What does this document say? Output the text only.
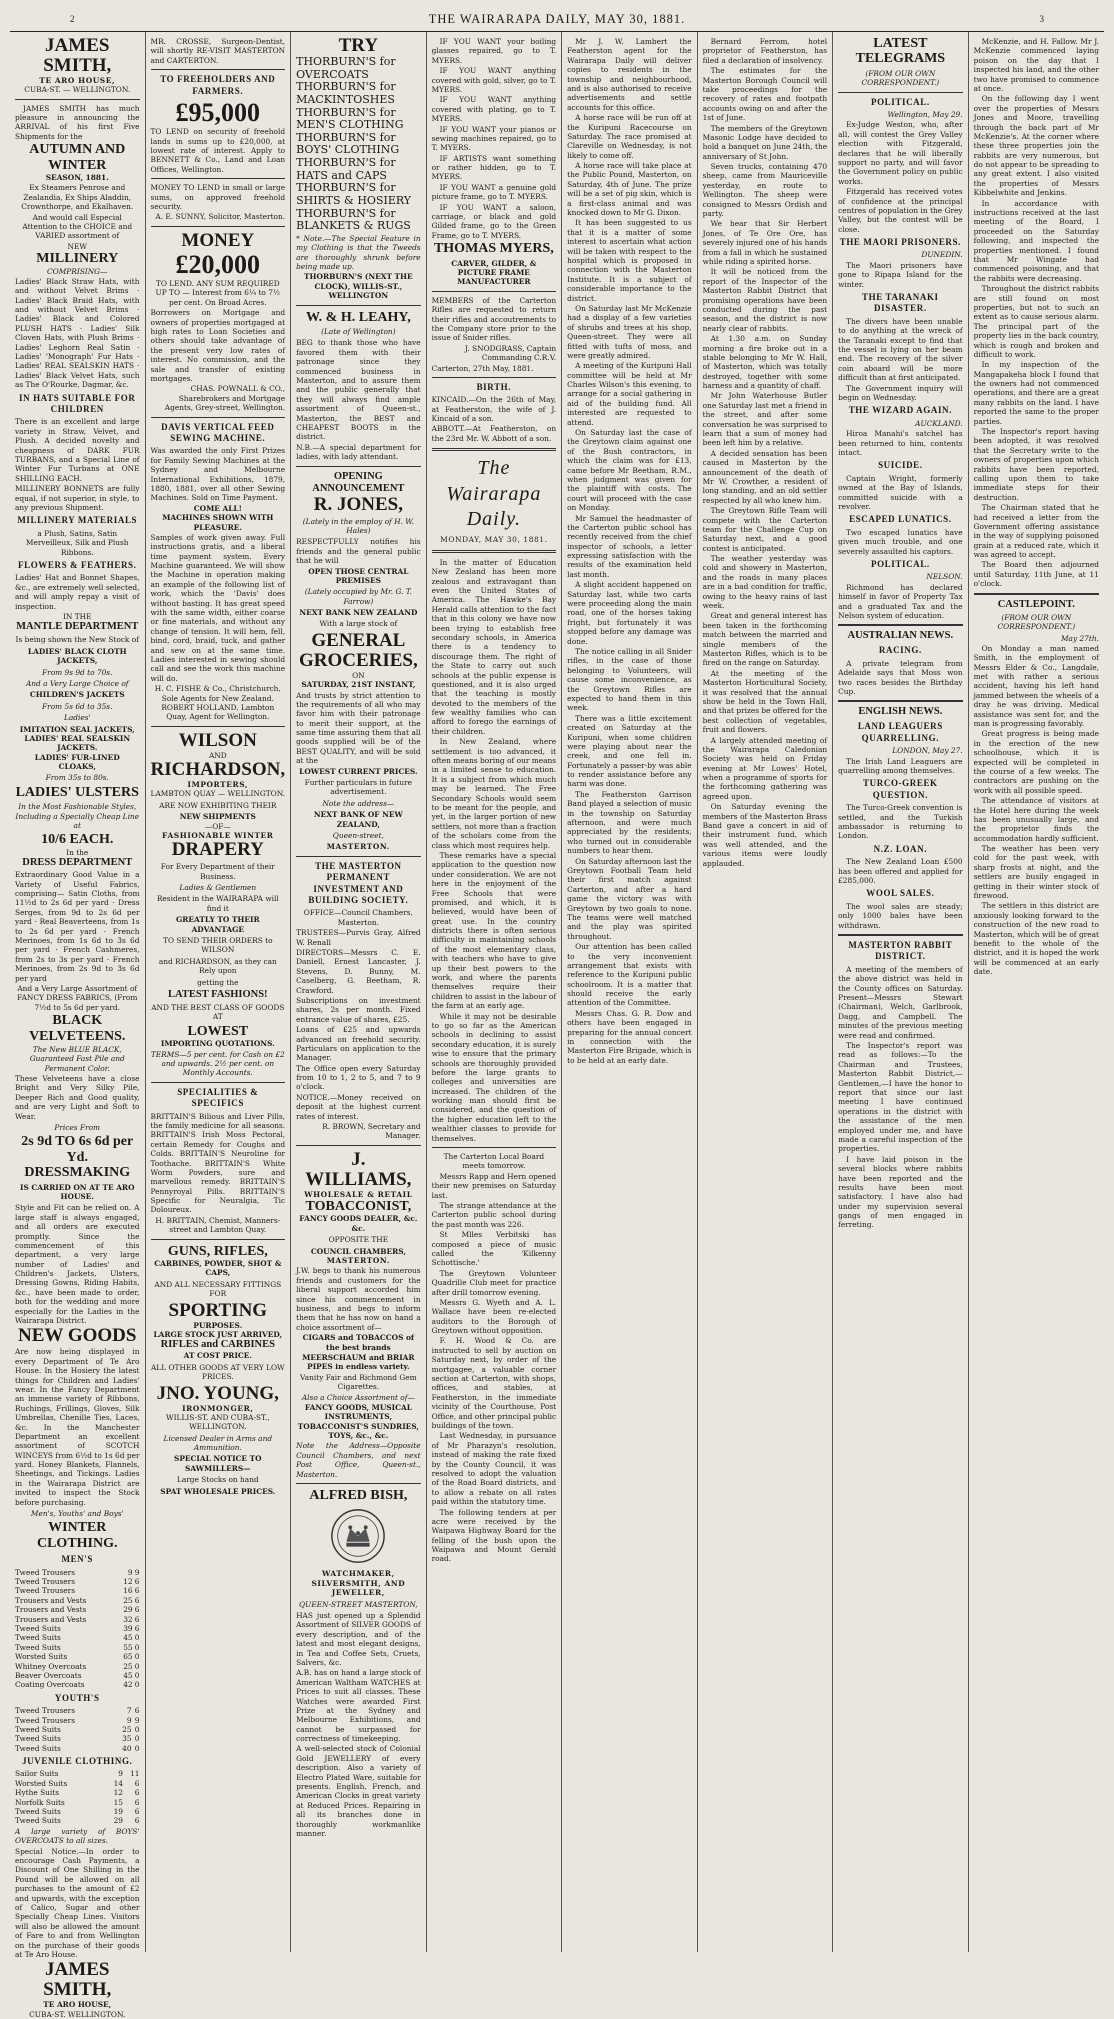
2	THE WAIRARAPA DAILY, MAY 30, 1881.	3
JAMES SMITH,
TE ARO HOUSE,
CUBA-ST. — WELLINGTON.

JAMES SMITH has much pleasure in announcing the ARRIVAL of his first Five Shipments for the

AUTUMN AND WINTER
SEASON, 1881.

Ex Steamers Penrose and Zealandia, Ex Ships Aladdin, Crownthorpe, and Ekalhaven.

And would call Especial Attention to the CHOICE and VARIED assortment of

NEW
MILLINERY
COMPRISING—

Ladies' Black Straw Hats, with and without Velvet Brims · Ladies' Black Braid Hats, with and without Velvet Brims · Ladies' Black and Colored PLUSH HATS · Ladies' Silk Cloven Hats, with Plush Brims · Ladies' Leghorn Real Satin · Ladies' 'Monograph' Fur Hats · Ladies' REAL SEALSKIN HATS · Ladies' Black Velvet Hats, such as The O'Rourke, Dagmar, &c.

IN HATS SUITABLE FOR CHILDREN

There is an excellent and large variety in Straw, Velvet, and Plush. A decided novelty and cheapness of DARK FUR TURBANS, and a Special Line of Winter Fur Turbans at ONE SHILLING EACH.

MILLINERY BONNETS are fully equal, if not superior, in style, to any previous Shipment.

MILLINERY MATERIALS

a Plush, Satins, Satin Merveilleux, Silk and Plush Ribbons.

FLOWERS & FEATHERS.

Ladies' Hat and Bonnet Shapes, &c., are extremely well selected, and will amply repay a visit of inspection.

IN THE
MANTLE DEPARTMENT
Is being shown the New Stock of
LADIES' BLACK CLOTH JACKETS,
From 9s 9d to 70s.
And a Very Large Choice of
CHILDREN'S JACKETS
From 5s 6d to 35s.
Ladies'
IMITATION SEAL JACKETS,
LADIES' REAL SEALSKIN JACKETS.
LADIES' FUR-LINED CLOAKS,
From 35s to 80s.
LADIES' ULSTERS
In the Most Fashionable Styles, Including a Specially Cheap Line at
10/6 EACH.
In the
DRESS DEPARTMENT

Extraordinary Good Value in a Variety of Useful Fabrics, comprising— Satin Cloths, from 11½d to 2s 6d per yard · Dress Serges, from 9d to 2s 6d per yard · Real Beaverteens, from 1s to 2s 6d per yard · French Merinoes, from 1s 6d to 3s 6d per yard · French Cashmeres, from 2s to 3s per yard · French Merinoes, from 2s 9d to 3s 6d per yard

And a Very Large Assortment of FANCY DRESS FABRICS, (From 7½d to 5s 6d per yard.

BLACK
VELVETEENS.

The New BLUE BLACK, Guaranteed Fast Pile and Permanent Color.

These Velveteens have a close Bright and Very Silky Pile, Deeper Rich and Good quality, and are very Light and Soft to Wear.

Prices From
2s 9d TO 6s 6d per Yd.
DRESSMAKING
IS CARRIED ON AT TE ARO HOUSE.

Style and Fit can be relied on. A large staff is always engaged, and all orders are executed promptly. Since the commencement of this department, a very large number of Ladies' and Children's Jackets, Ulsters, Dressing Gowns, Riding Habits, &c., have been made to order, both for the wedding and more especially for the Ladies in the Wairarapa District.

NEW GOODS

Are now being displayed in every Department of Te Aro House. In the Hosiery the latest things for Children and Ladies' wear. In the Fancy Department an immense variety of Ribbons, Ruchings, Frillings, Gloves, Silk Umbrellas, Chenille Ties, Laces, &c. In the Manchester Department an excellent assortment of SCOTCH WINCEYS from 6½d to 1s 6d per yard. Honey Blankets, Flannels, Sheetings, and Tickings. Ladies in the Wairarapa District are invited to inspect the Stock before purchasing.

Men's, Youths' and Boys'
WINTER
CLOTHING.
MEN'S
Tweed Trousers	9	9
Tweed Trousers	12	6
Tweed Trousers	16	6
Trousers and Vests	25	6
Trousers and Vests	29	6
Trousers and Vests	32	6
Tweed Suits	39	6
Tweed Suits	45	0
Tweed Suits	55	0
Worsted Suits	65	0
Whitney Overcoats	25	0
Beaver Overcoats	45	0
Coating Overcoats	42	0
YOUTH'S
Tweed Trousers	7	6
Tweed Trousers	9	9
Tweed Suits	25	0
Tweed Suits	35	0
Tweed Suits	40	0
JUVENILE CLOTHING.
Sailor Suits	9	11
Worsted Suits	14	6
Hythe Suits	12	6
Norfolk Suits	15	6
Tweed Suits	19	6
Tweed Suits	29	6

A large variety of BOYS' OVERCOATS to all sizes.

Special Notice.—In order to encourage Cash Payments, a Discount of One Shilling in the Pound will be allowed on all purchases to the amount of £2 and upwards, with the exception of Calico, Sugar and other Specially Cheap Lines. Visitors will also be allowed the amount of Fare to and from Wellington on the purchase of their goods at Te Aro House.

JAMES SMITH,
TE ARO HOUSE,
CUBA-ST. WELLINGTON.

MR. CROSSE, Surgeon-Dentist, will shortly RE-VISIT MASTERTON and CARTERTON.

TO FREEHOLDERS AND FARMERS.
£95,000

TO LEND on security of freehold lands in sums up to £20,000, at lowest rate of interest. Apply to BENNETT & Co., Land and Loan Offices, Wellington.

MONEY TO LEND in small or large sums, on approved freehold security.

A. E. SUNNY, Solicitor, Masterton.

MONEY
£20,000

TO LEND. ANY SUM REQUIRED UP TO — Interest from 6¼ to 7½ per cent. On Broad Acres.

Borrowers on Mortgage and owners of properties mortgaged at high rates to Loan Societies and others should take advantage of the present very low rates of interest. No commission, and the sale and transfer of existing mortgages.

CHAS. POWNALL & CO., Sharebrokers and Mortgage Agents, Grey-street, Wellington.

DAVIS VERTICAL FEED SEWING MACHINE.

Was awarded the only First Prizes for Family Sewing Machines at the Sydney and Melbourne International Exhibitions, 1879, 1880, 1881, over all other Sewing Machines. Sold on Time Payment.

COME ALL!
MACHINES SHOWN WITH PLEASURE.

Samples of work given away. Full instructions gratis, and a liberal time payment system. Every Machine guaranteed. We will show the Machine in operation making an example of the following list of work, which the 'Davis' does without basting. It has great speed with the same width, either coarse or fine materials, and without any change of tension. It will hem, fell, bind, cord, braid, tuck, and gather and sew on at the same time. Ladies interested in sewing should call and see the work this machine will do.

H. C. FISHE & Co., Christchurch, Sole Agents for New Zealand. ROBERT HOLLAND, Lambton Quay, Agent for Wellington.

WILSON
AND
RICHARDSON,
IMPORTERS,
LAMBTON QUAY — WELLINGTON.
ARE NOW EXHIBITING THEIR
NEW SHIPMENTS
—OF—
FASHIONABLE WINTER
DRAPERY
For Every Department of their Business.
Ladies & Gentlemen
Resident in the WAIRARAPA will find it
GREATLY TO THEIR ADVANTAGE
TO SEND THEIR ORDERS to WILSON
and RICHARDSON, as they can Rely upon
getting the
LATEST FASHIONS!
AND THE BEST CLASS OF GOODS AT
LOWEST
IMPORTING QUOTATIONS.

TERMS—5 per cent. for Cash on £2 and upwards. 2½ per cent. on Monthly Accounts.

SPECIALITIES & SPECIFICS

BRITTAIN'S Bilious and Liver Pills, the family medicine for all seasons. BRITTAIN'S Irish Moss Pectoral, certain Remedy for Coughs and Colds. BRITTAIN'S Neuroline for Toothache. BRITTAIN'S White Worm Powders, sure and marvellous remedy. BRITTAIN'S Pennyroyal Pills. BRITTAIN'S Specific for Neuralgia, Tic Doloureux.

H. BRITTAIN, Chemist, Manners-street and Lambton Quay.

GUNS, RIFLES,
CARBINES, POWDER, SHOT & CAPS,
AND ALL NECESSARY FITTINGS FOR
SPORTING
PURPOSES.
LARGE STOCK JUST ARRIVED,
RIFLES and CARBINES
AT COST PRICE.
ALL OTHER GOODS AT VERY LOW PRICES.
JNO. YOUNG,
IRONMONGER,
WILLIS-ST. AND CUBA-ST., WELLINGTON.
Licensed Dealer in Arms and Ammunition.
SPECIAL NOTICE TO SAWMILLERS—
Large Stocks on hand
SPAT WHOLESALE PRICES.
TRY
THORBURN'S for OVERCOATS
THORBURN'S for MACKINTOSHES
THORBURN'S for MEN'S CLOTHING
THORBURN'S for BOYS' CLOTHING
THORBURN'S for HATS and CAPS
THORBURN'S for SHIRTS & HOSIERY
THORBURN'S for BLANKETS & RUGS

* Note.—The Special Feature in my Clothing is that the Tweeds are thoroughly shrunk before being made up.

THORBURN'S (NEXT THE CLOCK), WILLIS-ST., WELLINGTON

W. & H. LEAHY,
(Late of Wellington)

BEG to thank those who have favored them with their patronage since they commenced business in Masterton, and to assure them and the public generally that they will always find ample assortment of Queen-st., Masterton, the BEST and CHEAPEST BOOTS in the district.

N.B.—A special department for ladies, with lady attendant.

OPENING ANNOUNCEMENT
R. JONES,
(Lately in the employ of H. W. Hales)

RESPECTFULLY notifies his friends and the general public that he will

OPEN THOSE CENTRAL PREMISES
(Lately occupied by Mr. G. T. Farrow)
NEXT BANK NEW ZEALAND
With a large stock of
GENERAL
GROCERIES,
ON
SATURDAY, 21ST INSTANT,

And trusts by strict attention to the requirements of all who may favor him with their patronage to merit their support, at the same time assuring them that all goods supplied will be of the BEST QUALITY, and will be sold at the

LOWEST CURRENT PRICES.
Further particulars in future advertisement.
Note the address—
NEXT BANK OF NEW ZEALAND,
Queen-street,
MASTERTON.
THE MASTERTON PERMANENT INVESTMENT AND BUILDING SOCIETY.

OFFICE—Council Chambers, Masterton.

TRUSTEES—Purvis Gray, Alfred W. Renall

DIRECTORS—Messrs C. E. Daniell, Ernest Lancaster, J. Stevens, D. Bunny, M. Caselberg, G. Beetham, R. Crawford.

Subscriptions on investment shares, 2s per month. Fixed entrance value of shares, £25.

Loans of £25 and upwards advanced on freehold security. Particulars on application to the Manager.

The Office open every Saturday from 10 to 1, 2 to 5, and 7 to 9 o'clock.

NOTICE.—Money received on deposit at the highest current rates of interest.

R. BROWN, Secretary and Manager.

J. WILLIAMS,
WHOLESALE & RETAIL
TOBACCONIST,
FANCY GOODS DEALER, &c. &c.
OPPOSITE THE
COUNCIL CHAMBERS,
MASTERTON.

J.W. begs to thank his numerous friends and customers for the liberal support accorded him since his commencement in business, and begs to inform them that he has now on hand a choice assortment of—

CIGARS and TOBACCOS of the best brands

MEERSCHAUM and BRIAR PIPES in endless variety.

Vanity Fair and Richmond Gem Cigarettes.

Also a Choice Assortment of—

FANCY GOODS, MUSICAL INSTRUMENTS, TOBACCONIST'S SUNDRIES, TOYS, &c., &c.

Note the Address—Opposite Council Chambers, and next Post Office, Queen-st., Masterton.

ALFRED BISH,
WATCHMAKER,
SILVERSMITH, AND
JEWELLER,
QUEEN-STREET MASTERTON,

HAS just opened up a Splendid Assortment of SILVER GOODS of every description, and of the latest and most elegant designs, in Tea and Coffee Sets, Cruets, Salvers, &c.

A.B. has on hand a large stock of American Waltham WATCHES at Prices to suit all classes. These Watches were awarded First Prize at the Sydney and Melbourne Exhibitions, and cannot be surpassed for correctness of timekeeping.

A well-selected stock of Colonial Gold JEWELLERY of every description. Also a variety of Electro Plated Ware, suitable for presents. English, French, and American Clocks in great variety at Reduced Prices. Repairing in all its branches done in thoroughly workmanlike manner.

IF YOU WANT your boiling glasses repaired, go to T. MYERS.

IF YOU WANT anything covered with gold, silver, go to T. MYERS.

IF YOU WANT anything covered with plating, go to T. MYERS.

IF YOU WANT your pianos or sewing machines repaired, go to T. MYERS.

IF ARTISTS want something or rather hidden, go to T. MYERS.

IF YOU WANT a genuine gold picture frame, go to T. MYERS.

IF YOU WANT a saloon, carriage, or black and gold Gilded frame, go to the Green Frame, go to T. MYERS.

THOMAS MYERS,
CARVER, GILDER, & PICTURE FRAME MANUFACTURER

MEMBERS of the Carterton Rifles are requested to return their rifles and accoutrements to the Company store prior to the issue of Snider rifles.

J. SNODGRASS, Captain Commanding C.R.V.

Carterton, 27th May, 1881.

BIRTH.

KINCAID.—On the 26th of May, at Featherston, the wife of J. Kincaid of a son.

ABBOTT.—At Featherston, on the 23rd Mr. W. Abbott of a son.

The Wairarapa Daily.
MONDAY, MAY 30, 1881.

In the matter of Education New Zealand has been more zealous and extravagant than even the United States of America. The Hawke's Bay Herald calls attention to the fact that in this colony we have now been trying to establish free secondary schools, in America there is a tendency to discourage them. The right of the State to carry out such schools at the public expense is questioned, and it is also urged that the teaching is mostly devoted to the members of the few wealthy families who can afford to forego the earnings of their children.

In New Zealand, where settlement is too advanced, it often means boring of our means in a limited sense to education. It is a subject from which much may be learned. The Free Secondary Schools would seem to be meant for the people, and yet, in the larger portion of new settlers, not more than a fraction of the scholars come from the class which most requires help.

These remarks have a special application to the question now under consideration. We are not here in the enjoyment of the Free Schools that were promised, and which, it is believed, would have been of great use. In the country districts there is often serious difficulty in maintaining schools of the most elementary class, with teachers who have to give up their best powers to the work, and where the parents themselves require their children to assist in the labour of the farm at an early age.

While it may not be desirable to go so far as the American schools in declining to assist secondary education, it is surely wise to ensure that the primary schools are thoroughly provided before the large grants to colleges and universities are increased. The children of the working man should first be considered, and the question of the higher education left to the wealthier classes to provide for themselves.

The Carterton Local Board meets tomorrow.

Messrs Rapp and Hern opened their new premises on Saturday last.

The strange attendance at the Carterton public school during the past month was 226.

St Mlles Verbitski has composed a piece of music called the 'Kilkenny Schottische.'

The Greytown Volunteer Quadrille Club meet for practice after drill tomorrow evening.

Messrs G. Wyeth and A. L. Wallace have been re-elected auditors to the Borough of Greytown without opposition.

F. H. Wood & Co. are instructed to sell by auction on Saturday next, by order of the mortgagee, a valuable corner section at Carterton, with shops, offices, and stables, at Featherston, in the immediate vicinity of the Courthouse, Post Office, and other principal public buildings of the town.

Last Wednesday, in pursuance of Mr Pharazyn's resolution, instead of making the rate fixed by the County Council, it was resolved to adopt the valuation of the Road Board districts, and to allow a rebate on all rates paid within the statutory time.

The following tenders at per acre were received by the Waipawa Highway Board for the felling of the bush upon the Waipawa and Mount Gerald road.

Mr J. W. Lambert the Featherston agent for the Wairarapa Daily will deliver copies to residents in the township and neighbourhood, and is also authorised to receive advertisements and settle accounts for this office.

A horse race will be run off at the Kuripuni Racecourse on Saturday. The race promised at Clareville on Wednesday, is not likely to come off.

A horse race will take place at the Public Pound, Masterton, on Saturday, 4th of June. The prize will be a set of pig skin, which is a first-class animal and was knocked down to Mr G. Dixon.

It has been suggested to us that it is a matter of some interest to ascertain what action will be taken with respect to the hospital which is proposed in connection with the Masterton Institute. It is a subject of considerable importance to the district.

On Saturday last Mr McKenzie had a display of a few varieties of shrubs and trees at his shop, Queen-street. They were all fitted with tufts of moss, and were greatly admired.

A meeting of the Kuripuni Hall committee will be held at Mr Charles Wilson's this evening, to arrange for a social gathering in aid of the building fund. All interested are requested to attend.

On Saturday last the case of the Greytown claim against one of the Bush contractors, in which the claim was for £13, came before Mr Beetham, R.M., when judgment was given for the plaintiff with costs. The court will proceed with the case on Monday.

Mr Samuel the headmaster of the Carterton public school has recently received from the chief inspector of schools, a letter expressing satisfaction with the results of the examination held last month.

A slight accident happened on Saturday last, while two carts were proceeding along the main road, one of the horses taking fright, but fortunately it was stopped before any damage was done.

The notice calling in all Snider rifles, in the case of those belonging to Volunteers, will cause some inconvenience, as the Greytown Rifles are expected to hand them in this week.

There was a little excitement created on Saturday at the Kuripuni, when some children were playing about near the creek, and one fell in. Fortunately a passer-by was able to render assistance before any harm was done.

The Featherston Garrison Band played a selection of music in the township on Saturday afternoon, and were much appreciated by the residents, who turned out in considerable numbers to hear them.

On Saturday afternoon last the Greytown Football Team held their first match against Carterton, and after a hard game the victory was with Greytown by two goals to none. The teams were well matched and the play was spirited throughout.

Our attention has been called to the very inconvenient arrangement that exists with reference to the Kuripuni public schoolroom. It is a matter that should receive the early attention of the Committee.

Messrs Chas. G. R. Dow and others have been engaged in preparing for the annual concert in connection with the Masterton Fire Brigade, which is to be held at an early date.

Bernard Ferrom, hotel proprietor of Featherston, has filed a declaration of insolvency.

The estimates for the Masterton Borough Council will take proceedings for the recovery of rates and footpath accounts owing on and after the 1st of June.

The members of the Greytown Masonic Lodge have decided to hold a banquet on June 24th, the anniversary of St John.

Seven trucks, containing 470 sheep, came from Mauriceville yesterday, en route to Wellington. The sheep were consigned to Messrs Ordish and party.

We hear that Sir Herbert Jones, of Te Ore Ore, has severely injured one of his hands from a fall in which he sustained while riding a spirited horse.

It will be noticed from the report of the Inspector of the Masterton Rabbit District that promising operations have been conducted during the past season, and the district is now nearly clear of rabbits.

At 1.30 a.m. on Sunday morning a fire broke out in a stable belonging to Mr W. Hall, of Masterton, which was totally destroyed, together with some harness and a quantity of chaff.

Mr John Waterhouse Butler one Saturday last met a friend in the street, and after some conversation he was surprised to learn that a sum of money had been left him by a relative.

A decided sensation has been caused in Masterton by the announcement of the death of Mr W. Crowther, a resident of long standing, and an old settler respected by all who knew him.

The Greytown Rifle Team will compete with the Carterton team for the Challenge Cup on Saturday next, and a good contest is anticipated.

The weather yesterday was cold and showery in Masterton, and the roads in many places are in a bad condition for traffic, owing to the heavy rains of last week.

Great and general interest has been taken in the forthcoming match between the married and single members of the Masterton Rifles, which is to be fired on the range on Saturday.

At the meeting of the Masterton Horticultural Society, it was resolved that the annual show be held in the Town Hall, and that prizes be offered for the best collection of vegetables, fruit and flowers.

A largely attended meeting of the Wairarapa Caledonian Society was held on Friday evening at Mr Lowes' Hotel, when a programme of sports for the forthcoming gathering was agreed upon.

On Saturday evening the members of the Masterton Brass Band gave a concert in aid of their instrument fund, which was well attended, and the various items were loudly applauded.

LATEST
TELEGRAMS
(FROM OUR OWN CORRESPONDENT.)
POLITICAL.

Wellington, May 29.

Ex-Judge Weston, who, after all, will contest the Grey Valley election with Fitzgerald, declares that he will liberally support no party, and will favor the Government policy on public works.

Fitzgerald has received votes of confidence at the principal centres of population in the Grey Valley, but the contest will be close.

THE MAORI PRISONERS.

DUNEDIN.

The Maori prisoners have gone to Ripapa Island for the winter.

THE TARANAKI DISASTER.

The divers have been unable to do anything at the wreck of the Taranaki except to find that the vessel is lying on her beam end. The recovery of the silver coin aboard will be more difficult than at first anticipated.

The Government inquiry will begin on Wednesday.

THE WIZARD AGAIN.

AUCKLAND.

Hiroa Manahi's satchel has been returned to him, contents intact.

SUICIDE.

Captain Wright, formerly owned at the Bay of Islands, committed suicide with a revolver.

ESCAPED LUNATICS.

Two escaped lunatics have given much trouble, and one severely assaulted his captors.

POLITICAL.

NELSON.

Richmond has declared himself in favor of Property Tax and a graduated Tax and the Nelson system of education.

AUSTRALIAN NEWS.
RACING.

A private telegram from Adelaide says that Moss won two races besides the Birthday Cup.

ENGLISH NEWS.
LAND LEAGUERS QUARRELLING.

LONDON, May 27.

The Irish Land Leaguers are quarrelling among themselves.

TURCO-GREEK QUESTION.

The Turco-Greek convention is settled, and the Turkish ambassador is returning to London.

N.Z. LOAN.

The New Zealand Loan £500 has been offered and applied for £285,000.

WOOL SALES.

The wool sales are steady; only 1000 bales have been withdrawn.

MASTERTON RABBIT DISTRICT.

A meeting of the members of the above district was held in the County offices on Saturday. Present—Messrs Stewart (Chairman), Welch, Garlbrook, Dagg, and Campbell. The minutes of the previous meeting were read and confirmed.

The Inspector's report was read as follows:—To the Chairman and Trustees, Masterton Rabbit District,—Gentlemen,—I have the honor to report that since our last meeting I have continued operations in the district with the assistance of the men employed under me, and have made a careful inspection of the properties.

I have laid poison in the several blocks where rabbits have been reported and the results have been most satisfactory. I have also had under my supervision several gangs of men engaged in ferreting.

McKenzie, and H. Fallow. Mr J. McKenzie commenced laying poison on the day that I inspected his land, and the other two have promised to commence at once.

On the following day I went over the properties of Messrs Jones and Moore, travelling through the back part of Mr McKenzie's. At the corner where these three properties join the rabbits are very numerous, but do not appear to be spreading to any great extent. I also visited the properties of Messrs Kibbelwhite and Jenkins.

In accordance with instructions received at the last meeting of the Board, I proceeded on the Saturday following, and inspected the properties mentioned. I found that Mr Wingate had commenced poisoning, and that the rabbits were decreasing.

Throughout the district rabbits are still found on most properties, but not to such an extent as to cause serious alarm. The principal part of the property lies in the back country, which is rough and broken and difficult to work.

In my inspection of the Mangapakeha block I found that the owners had not commenced operations, and there are a great many rabbits on the land. I have reported the same to the proper parties.

The Inspector's report having been adopted, it was resolved that the Secretary write to the owners of properties upon which rabbits have been reported, calling upon them to take immediate steps for their destruction.

The Chairman stated that he had received a letter from the Government offering assistance in the way of supplying poisoned grain at a reduced rate, which it was agreed to accept.

The Board then adjourned until Saturday, 11th June, at 11 o'clock.

CASTLEPOINT.
(FROM OUR OWN CORRESPONDENT.)

May 27th.

On Monday a man named Smith, in the employment of Messrs Elder & Co., Langdale, met with rather a serious accident, having his left hand jammed between the wheels of a dray he was driving. Medical assistance was sent for, and the man is progressing favorably.

Great progress is being made in the erection of the new schoolhouse, which it is expected will be completed in the course of a few weeks. The contractors are pushing on the work with all possible speed.

The attendance of visitors at the Hotel here during the week has been unusually large, and the proprietor finds the accommodation hardly sufficient.

The weather has been very cold for the past week, with sharp frosts at night, and the settlers are busily engaged in getting in their winter stock of firewood.

The settlers in this district are anxiously looking forward to the construction of the new road to Masterton, which will be of great benefit to the whole of the district, and it is hoped the work will be commenced at an early date.
